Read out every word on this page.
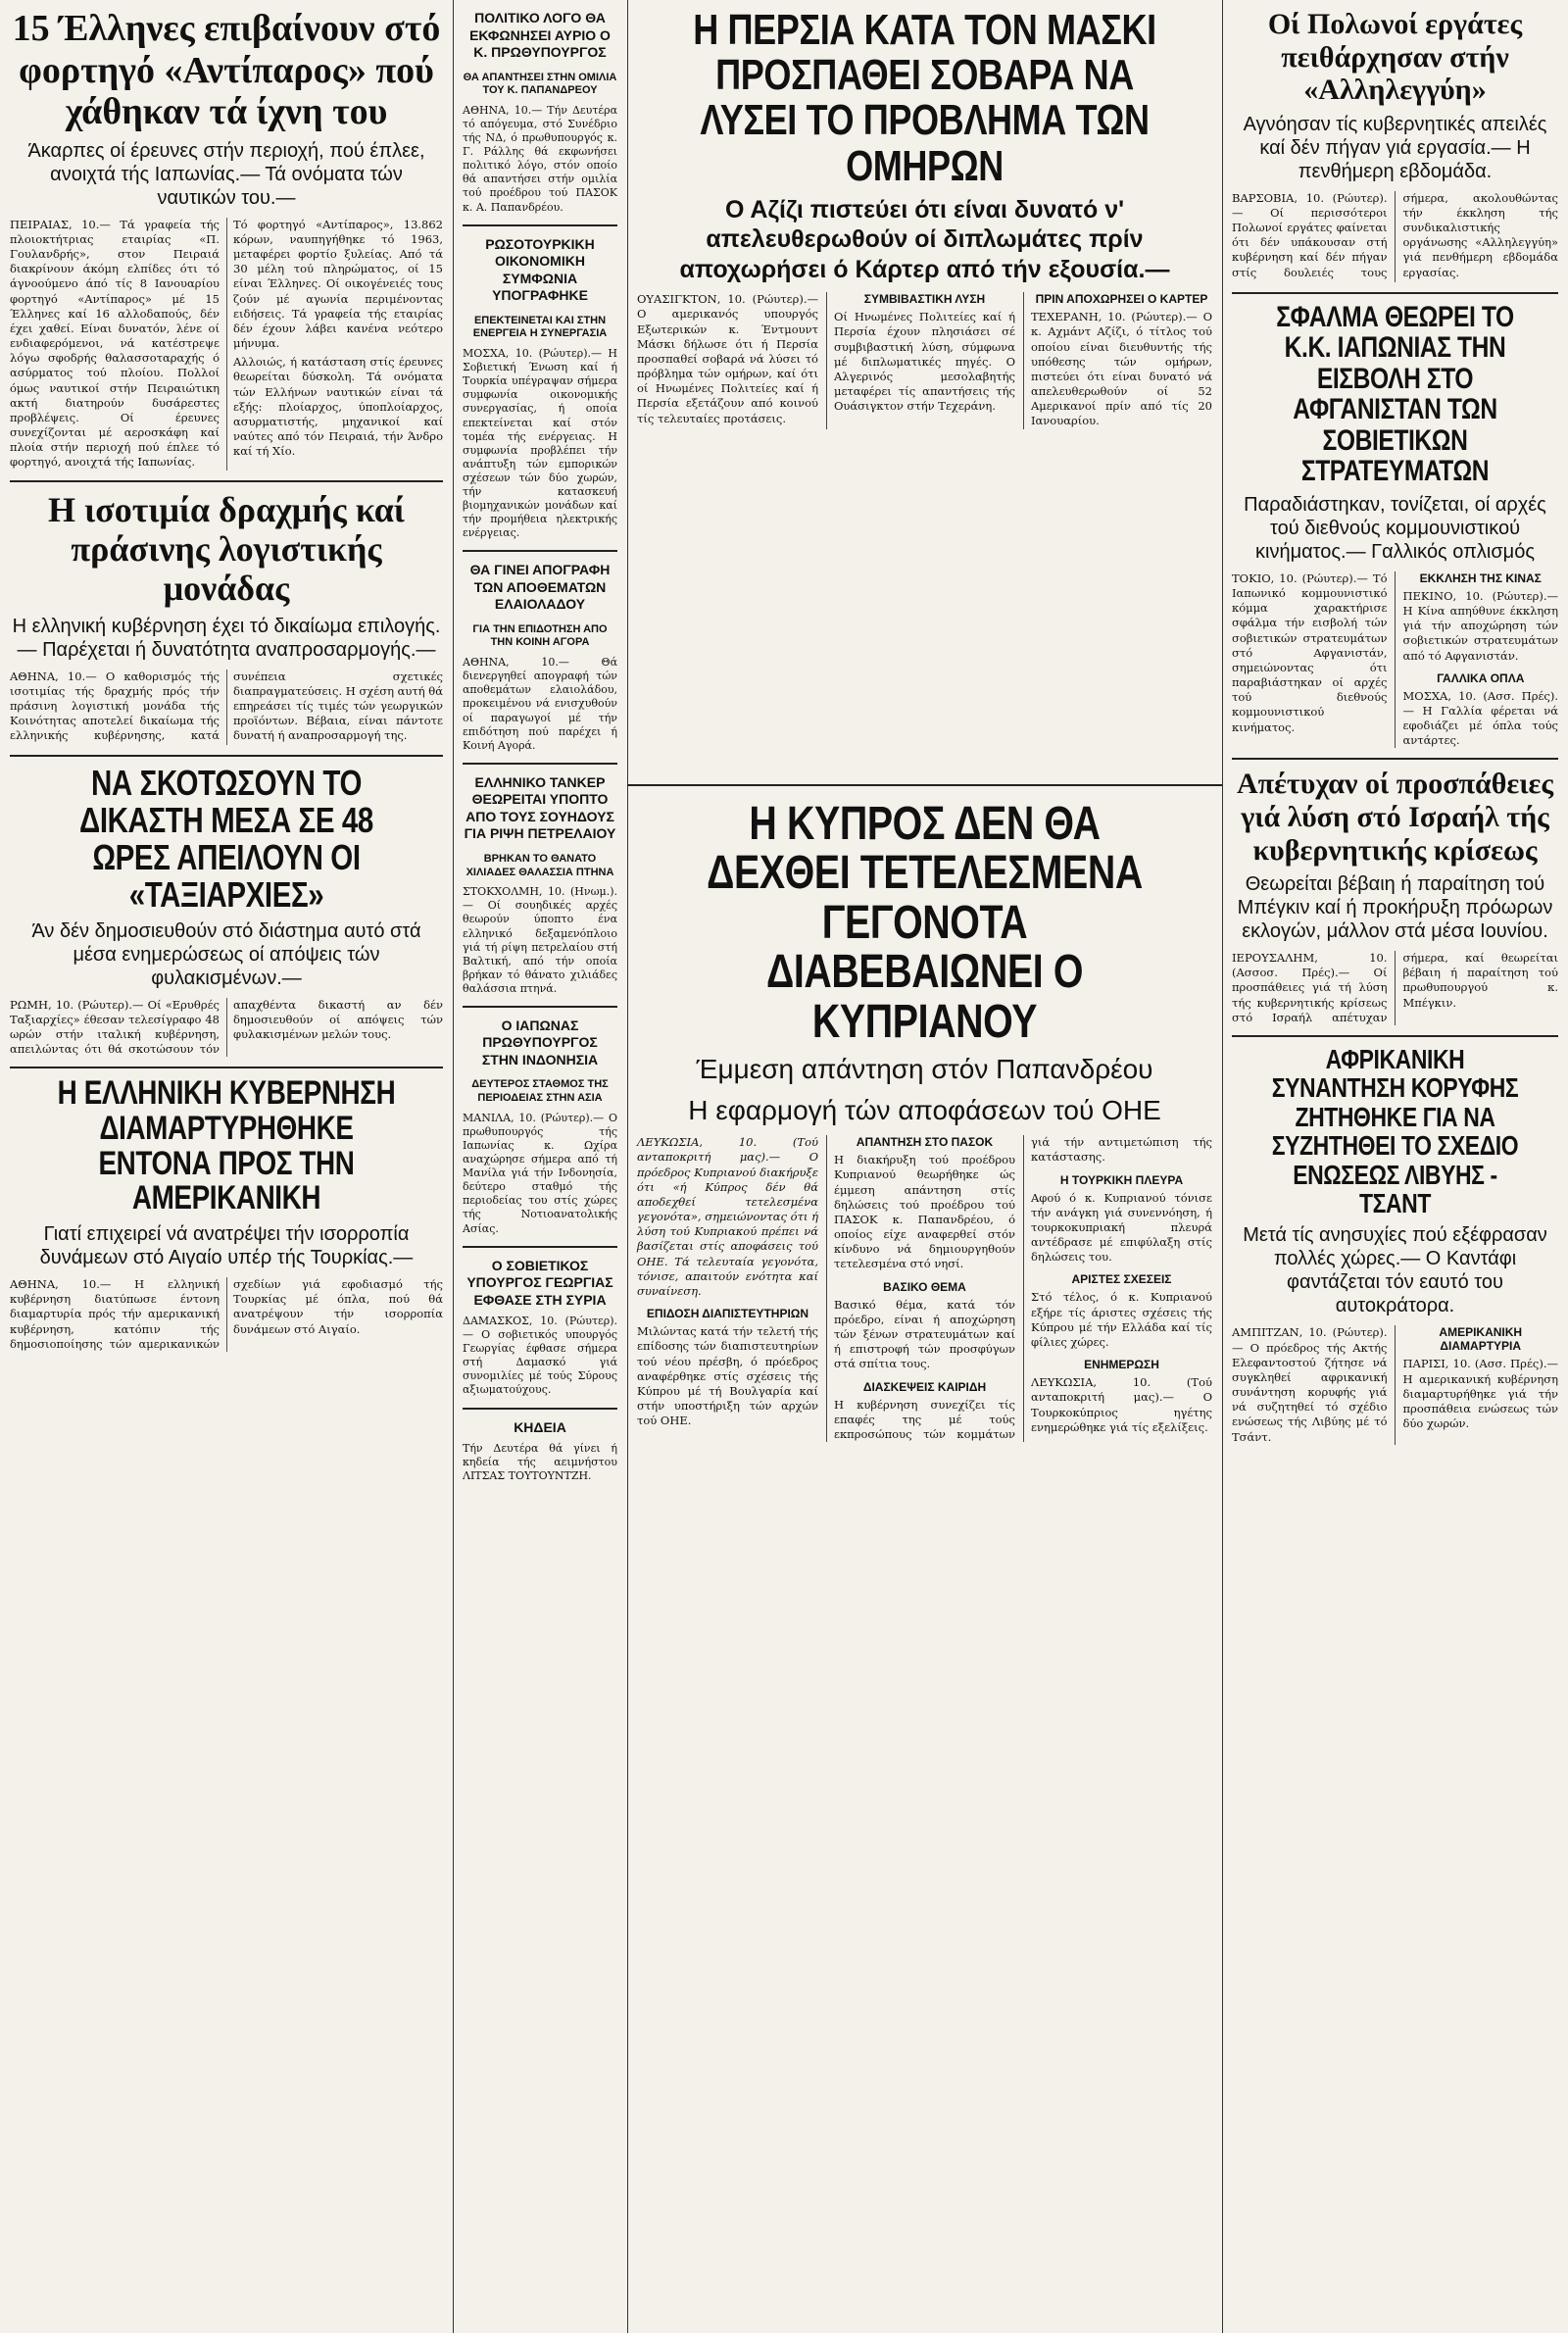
15 Έλληνες επιβαίνουν στό φορτηγό «Αντίπαρος» πού χάθηκαν τά ίχνη του
Άκαρπες οί έρευνες στήν περιοχή, πού έπλεε, ανοιχτά τής Ιαπωνίας.— Τά ονόματα τών ναυτικών του.—

ΠΕΙΡΑΙΑΣ, 10.— Τά γραφεία τής πλοιοκτήτριας εταιρίας «Π. Γουλανδρής», στον Πειραιά διακρίνουν άκόμη ελπίδες ότι τό άγνοούμενο άπό τίς 8 Ιανουαρίου φορτηγό «Αντίπαρος» μέ 15 Έλληνες καί 16 αλλοδαπούς, δέν έχει χαθεί. Είναι δυνατόν, λένε οί ενδιαφερόμενοι, νά κατέστρεψε λόγω σφοδρής θαλασσοταραχής ό ασύρματος τού πλοίου. Πολλοί όμως ναυτικοί στήν Πειραιώτικη ακτή διατηρούν δυσάρεστες προβλέψεις. Οί έρευνες συνεχίζονται μέ αεροσκάφη καί πλοία στήν περιοχή πού έπλεε τό φορτηγό, ανοιχτά τής Ιαπωνίας.

Τό φορτηγό «Αντίπαρος», 13.862 κόρων, ναυπηγήθηκε τό 1963, μεταφέρει φορτίο ξυλείας. Από τά 30 μέλη τού πληρώματος, οί 15 είναι Έλληνες. Οί οικογένειές τους ζούν μέ αγωνία περιμένοντας ειδήσεις. Τά γραφεία τής εταιρίας δέν έχουν λάβει κανένα νεότερο μήνυμα.

Αλλοιώς, ή κατάσταση στίς έρευνες θεωρείται δύσκολη. Τά ονόματα τών Ελλήνων ναυτικών είναι τά εξής: πλοίαρχος, ύποπλοίαρχος, ασυρματιστής, μηχανικοί καί ναύτες από τόν Πειραιά, τήν Άνδρο καί τή Χίο.

Η ισοτιμία δραχμής καί πράσινης λογιστικής μονάδας
Η ελληνική κυβέρνηση έχει τό δικαίωμα επιλογής.— Παρέχεται ή δυνατότητα αναπροσαρμογής.—

ΑΘΗΝΑ, 10.— Ο καθορισμός τής ισοτιμίας τής δραχμής πρός τήν πράσινη λογιστική μονάδα τής Κοινότητας αποτελεί δικαίωμα τής ελληνικής κυβέρνησης, κατά συνέπεια σχετικές διαπραγματεύσεις. Η σχέση αυτή θά επηρεάσει τίς τιμές τών γεωργικών προϊόντων. Βέβαια, είναι πάντοτε δυνατή ή αναπροσαρμογή της.

ΝΑ ΣΚΟΤΩΣΟΥΝ ΤΟ ΔΙΚΑΣΤΗ ΜΕΣΑ ΣΕ 48 ΩΡΕΣ ΑΠΕΙΛΟΥΝ ΟΙ «ΤΑΞΙΑΡΧΙΕΣ»
Άν δέν δημοσιευθούν στό διάστημα αυτό στά μέσα ενημερώσεως οί απόψεις τών φυλακισμένων.—

ΡΩΜΗ, 10. (Ρώυτερ).— Οί «Ερυθρές Ταξιαρχίες» έθεσαν τελεσίγραφο 48 ωρών στήν ιταλική κυβέρνηση, απειλώντας ότι θά σκοτώσουν τόν απαχθέντα δικαστή αν δέν δημοσιευθούν οί απόψεις τών φυλακισμένων μελών τους.

Η ΕΛΛΗΝΙΚΗ ΚΥΒΕΡΝΗΣΗ ΔΙΑΜΑΡΤΥΡΗΘΗΚΕ ΕΝΤΟΝΑ ΠΡΟΣ ΤΗΝ ΑΜΕΡΙΚΑΝΙΚΗ
Γιατί επιχειρεί νά ανατρέψει τήν ισορροπία δυνάμεων στό Αιγαίο υπέρ τής Τουρκίας.—

ΑΘΗΝΑ, 10.— Η ελληνική κυβέρνηση διατύπωσε έντονη διαμαρτυρία πρός τήν αμερικανική κυβέρνηση, κατόπιν τής δημοσιοποίησης τών αμερικανικών σχεδίων γιά εφοδιασμό τής Τουρκίας μέ όπλα, πού θά ανατρέψουν τήν ισορροπία δυνάμεων στό Αιγαίο.

ΠΟΛΙΤΙΚΟ ΛΟΓΟ ΘΑ ΕΚΦΩΝΗΣΕΙ ΑΥΡΙΟ Ο Κ. ΠΡΩΘΥΠΟΥΡΓΟΣ
ΘΑ ΑΠΑΝΤΗΣΕΙ ΣΤΗΝ ΟΜΙΛΙΑ ΤΟΥ Κ. ΠΑΠΑΝΔΡΕΟΥ

ΑΘΗΝΑ, 10.— Τήν Δευτέρα τό απόγευμα, στό Συνέδριο τής ΝΔ, ό πρωθυπουργός κ. Γ. Ράλλης θά εκφωνήσει πολιτικό λόγο, στόν οποίο θά απαντήσει στήν ομιλία τού προέδρου τού ΠΑΣΟΚ κ. Α. Παπανδρέου.

ΡΩΣΟΤΟΥΡΚΙΚΗ ΟΙΚΟΝΟΜΙΚΗ ΣΥΜΦΩΝΙΑ ΥΠΟΓΡΑΦΗΚΕ
ΕΠΕΚΤΕΙΝΕΤΑΙ ΚΑΙ ΣΤΗΝ ΕΝΕΡΓΕΙΑ Η ΣΥΝΕΡΓΑΣΙΑ

ΜΟΣΧΑ, 10. (Ρώυτερ).— Η Σοβιετική Ένωση καί ή Τουρκία υπέγραψαν σήμερα συμφωνία οικονομικής συνεργασίας, ή οποία επεκτείνεται καί στόν τομέα τής ενέργειας. Η συμφωνία προβλέπει τήν ανάπτυξη τών εμπορικών σχέσεων τών δύο χωρών, τήν κατασκευή βιομηχανικών μονάδων καί τήν προμήθεια ηλεκτρικής ενέργειας.

ΘΑ ΓΙΝΕΙ ΑΠΟΓΡΑΦΗ ΤΩΝ ΑΠΟΘΕΜΑΤΩΝ ΕΛΑΙΟΛΑΔΟΥ
ΓΙΑ ΤΗΝ ΕΠΙΔΟΤΗΣΗ ΑΠΟ ΤΗΝ ΚΟΙΝΗ ΑΓΟΡΑ

ΑΘΗΝΑ, 10.— Θά διενεργηθεί απογραφή τών αποθεμάτων ελαιολάδου, προκειμένου νά ενισχυθούν οί παραγωγοί μέ τήν επιδότηση πού παρέχει ή Κοινή Αγορά.

ΕΛΛΗΝΙΚΟ ΤΑΝΚΕΡ ΘΕΩΡΕΙΤΑΙ ΥΠΟΠΤΟ ΑΠΟ ΤΟΥΣ ΣΟΥΗΔΟΥΣ ΓΙΑ ΡΙΨΗ ΠΕΤΡΕΛΑΙΟΥ
ΒΡΗΚΑΝ ΤΟ ΘΑΝΑΤΟ ΧΙΛΙΑΔΕΣ ΘΑΛΑΣΣΙΑ ΠΤΗΝΑ

ΣΤΟΚΧΟΛΜΗ, 10. (Ηνωμ.).— Οί σουηδικές αρχές θεωρούν ύποπτο ένα ελληνικό δεξαμενόπλοιο γιά τή ρίψη πετρελαίου στή Βαλτική, από τήν οποία βρήκαν τό θάνατο χιλιάδες θαλάσσια πτηνά.

Ο ΙΑΠΩΝΑΣ ΠΡΩΘΥΠΟΥΡΓΟΣ ΣΤΗΝ ΙΝΔΟΝΗΣΙΑ
ΔΕΥΤΕΡΟΣ ΣΤΑΘΜΟΣ ΤΗΣ ΠΕΡΙΟΔΕΙΑΣ ΣΤΗΝ ΑΣΙΑ

ΜΑΝΙΛΑ, 10. (Ρώυτερ).— Ο πρωθυπουργός τής Ιαπωνίας κ. Ωχίρα αναχώρησε σήμερα από τή Μανίλα γιά τήν Ινδονησία, δεύτερο σταθμό τής περιοδείας του στίς χώρες τής Νοτιοανατολικής Ασίας.

Ο ΣΟΒΙΕΤΙΚΟΣ ΥΠΟΥΡΓΟΣ ΓΕΩΡΓΙΑΣ ΕΦΘΑΣΕ ΣΤΗ ΣΥΡΙΑ

ΔΑΜΑΣΚΟΣ, 10. (Ρώυτερ).— Ο σοβιετικός υπουργός Γεωργίας έφθασε σήμερα στή Δαμασκό γιά συνομιλίες μέ τούς Σύρους αξιωματούχους.

ΚΗΔΕΙΑ

Τήν Δευτέρα θά γίνει ή κηδεία τής αειμνήστου ΛΙΤΣΑΣ ΤΟΥΤΟΥΝΤΖΗ.

Η ΠΕΡΣΙΑ ΚΑΤΑ ΤΟΝ ΜΑΣΚΙ ΠΡΟΣΠΑΘΕΙ ΣΟΒΑΡΑ ΝΑ ΛΥΣΕΙ ΤΟ ΠΡΟΒΛΗΜΑ ΤΩΝ ΟΜΗΡΩΝ
Ο Αζίζι πιστεύει ότι είναι δυνατό ν' απελευθερωθούν οί διπλωμάτες πρίν αποχωρήσει ό Κάρτερ από τήν εξουσία.—

ΟΥΑΣΙΓΚΤΟΝ, 10. (Ρώυτερ).— Ο αμερικανός υπουργός Εξωτερικών κ. Έντμουντ Μάσκι δήλωσε ότι ή Περσία προσπαθεί σοβαρά νά λύσει τό πρόβλημα τών ομήρων, καί ότι οί Ηνωμένες Πολιτείες καί ή Περσία εξετάζουν από κοινού τίς τελευταίες προτάσεις.

ΣΥΜΒΙΒΑΣΤΙΚΗ ΛΥΣΗ

Οί Ηνωμένες Πολιτείες καί ή Περσία έχουν πλησιάσει σέ συμβιβαστική λύση, σύμφωνα μέ διπλωματικές πηγές. Ο Αλγερινός μεσολαβητής μεταφέρει τίς απαντήσεις τής Ουάσιγκτον στήν Τεχεράνη.

ΠΡΙΝ ΑΠΟΧΩΡΗΣΕΙ Ο ΚΑΡΤΕΡ

ΤΕΧΕΡΑΝΗ, 10. (Ρώυτερ).— Ο κ. Αχμάντ Αζίζι, ό τίτλος τού οποίου είναι διευθυντής τής υπόθεσης τών ομήρων, πιστεύει ότι είναι δυνατό νά απελευθερωθούν οί 52 Αμερικανοί πρίν από τίς 20 Ιανουαρίου.

Η ΚΥΠΡΟΣ ΔΕΝ ΘΑ ΔΕΧΘΕΙ ΤΕΤΕΛΕΣΜΕΝΑ ΓΕΓΟΝΟΤΑ ΔΙΑΒΕΒΑΙΩΝΕΙ Ο ΚΥΠΡΙΑΝΟΥ
Έμμεση απάντηση στόν Παπανδρέου
Η εφαρμογή τών αποφάσεων τού ΟΗΕ

ΛΕΥΚΩΣΙΑ, 10. (Τού ανταποκριτή μας).— Ο πρόεδρος Κυπριανού διακήρυξε ότι «ή Κύπρος δέν θά αποδεχθεί τετελεσμένα γεγονότα», σημειώνοντας ότι ή λύση τού Κυπριακού πρέπει νά βασίζεται στίς αποφάσεις τού ΟΗΕ. Τά τελευταία γεγονότα, τόνισε, απαιτούν ενότητα καί συναίνεση.

ΕΠΙΔΟΣΗ ΔΙΑΠΙΣΤΕΥΤΗΡΙΩΝ

Μιλώντας κατά τήν τελετή τής επίδοσης τών διαπιστευτηρίων τού νέου πρέσβη, ό πρόεδρος αναφέρθηκε στίς σχέσεις τής Κύπρου μέ τή Βουλγαρία καί στήν υποστήριξη τών αρχών τού ΟΗΕ.

ΑΠΑΝΤΗΣΗ ΣΤΟ ΠΑΣΟΚ

Η διακήρυξη τού προέδρου Κυπριανού θεωρήθηκε ώς έμμεση απάντηση στίς δηλώσεις τού προέδρου τού ΠΑΣΟΚ κ. Παπανδρέου, ό οποίος είχε αναφερθεί στόν κίνδυνο νά δημιουργηθούν τετελεσμένα στό νησί.

ΒΑΣΙΚΟ ΘΕΜΑ

Βασικό θέμα, κατά τόν πρόεδρο, είναι ή αποχώρηση τών ξένων στρατευμάτων καί ή επιστροφή τών προσφύγων στά σπίτια τους.

ΔΙΑΣΚΕΨΕΙΣ ΚΑΙΡΙΔΗ

Η κυβέρνηση συνεχίζει τίς επαφές της μέ τούς εκπροσώπους τών κομμάτων γιά τήν αντιμετώπιση τής κατάστασης.

Η ΤΟΥΡΚΙΚΗ ΠΛΕΥΡΑ

Αφού ό κ. Κυπριανού τόνισε τήν ανάγκη γιά συνεννόηση, ή τουρκοκυπριακή πλευρά αντέδρασε μέ επιφύλαξη στίς δηλώσεις του.

ΑΡΙΣΤΕΣ ΣΧΕΣΕΙΣ

Στό τέλος, ό κ. Κυπριανού εξήρε τίς άριστες σχέσεις τής Κύπρου μέ τήν Ελλάδα καί τίς φίλιες χώρες.

ΕΝΗΜΕΡΩΣΗ

ΛΕΥΚΩΣΙΑ, 10. (Τού ανταποκριτή μας).— Ο Τουρκοκύπριος ηγέτης ενημερώθηκε γιά τίς εξελίξεις.

Οί Πολωνοί εργάτες πειθάρχησαν στήν «Αλληλεγγύη»
Αγνόησαν τίς κυβερνητικές απειλές καί δέν πήγαν γιά εργασία.— Η πενθήμερη εβδομάδα.

ΒΑΡΣΟΒΙΑ, 10. (Ρώυτερ).— Οί περισσότεροι Πολωνοί εργάτες φαίνεται ότι δέν υπάκουσαν στή κυβέρνηση καί δέν πήγαν στίς δουλειές τους σήμερα, ακολουθώντας τήν έκκληση τής συνδικαλιστικής οργάνωσης «Αλληλεγγύη» γιά πενθήμερη εβδομάδα εργασίας.

ΣΦΑΛΜΑ ΘΕΩΡΕΙ ΤΟ Κ.Κ. ΙΑΠΩΝΙΑΣ ΤΗΝ ΕΙΣΒΟΛΗ ΣΤΟ ΑΦΓΑΝΙΣΤΑΝ ΤΩΝ ΣΟΒΙΕΤΙΚΩΝ ΣΤΡΑΤΕΥΜΑΤΩΝ
Παραδιάστηκαν, τονίζεται, οί αρχές τού διεθνούς κομμουνιστικού κινήματος.— Γαλλικός οπλισμός

ΤΟΚΙΟ, 10. (Ρώυτερ).— Τό Ιαπωνικό κομμουνιστικό κόμμα χαρακτήρισε σφάλμα τήν εισβολή τών σοβιετικών στρατευμάτων στό Αφγανιστάν, σημειώνοντας ότι παραβιάστηκαν οί αρχές τού διεθνούς κομμουνιστικού κινήματος.

ΕΚΚΛΗΣΗ ΤΗΣ ΚΙΝΑΣ

ΠΕΚΙΝΟ, 10. (Ρώυτερ).— Η Κίνα απηύθυνε έκκληση γιά τήν αποχώρηση τών σοβιετικών στρατευμάτων από τό Αφγανιστάν.

ΓΑΛΛΙΚΑ ΟΠΛΑ

ΜΟΣΧΑ, 10. (Ασσ. Πρές).— Η Γαλλία φέρεται νά εφοδιάζει μέ όπλα τούς αντάρτες.

Απέτυχαν οί προσπάθειες γιά λύση στό Ισραήλ τής κυβερνητικής κρίσεως
Θεωρείται βέβαιη ή παραίτηση τού Μπέγκιν καί ή προκήρυξη πρόωρων εκλογών, μάλλον στά μέσα Ιουνίου.

ΙΕΡΟΥΣΑΛΗΜ, 10. (Ασσοσ. Πρές).— Οί προσπάθειες γιά τή λύση τής κυβερνητικής κρίσεως στό Ισραήλ απέτυχαν σήμερα, καί θεωρείται βέβαιη ή παραίτηση τού πρωθυπουργού κ. Μπέγκιν.

ΑΦΡΙΚΑΝΙΚΗ ΣΥΝΑΝΤΗΣΗ ΚΟΡΥΦΗΣ ΖΗΤΗΘΗΚΕ ΓΙΑ ΝΑ ΣΥΖΗΤΗΘΕΙ ΤΟ ΣΧΕΔΙΟ ΕΝΩΣΕΩΣ ΛΙΒΥΗΣ - ΤΣΑΝΤ
Μετά τίς ανησυχίες πού εξέφρασαν πολλές χώρες.— Ο Καντάφι φαντάζεται τόν εαυτό του αυτοκράτορα.

ΑΜΠΙΤΖΑΝ, 10. (Ρώυτερ).— Ο πρόεδρος τής Ακτής Ελεφαντοστού ζήτησε νά συγκληθεί αφρικανική συνάντηση κορυφής γιά νά συζητηθεί τό σχέδιο ενώσεως τής Λιβύης μέ τό Τσάντ.

ΑΜΕΡΙΚΑΝΙΚΗ ΔΙΑΜΑΡΤΥΡΙΑ

ΠΑΡΙΣΙ, 10. (Ασσ. Πρές).— Η αμερικανική κυβέρνηση διαμαρτυρήθηκε γιά τήν προσπάθεια ενώσεως τών δύο χωρών.
